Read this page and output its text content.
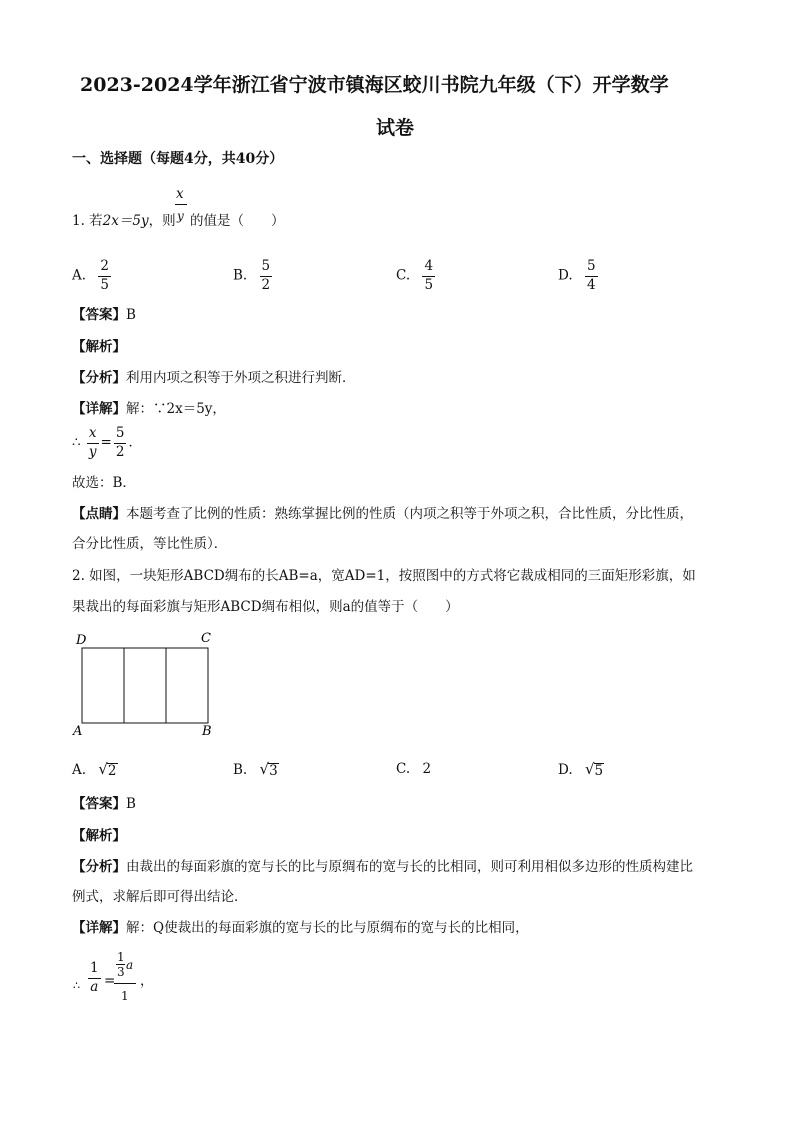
2023-2024学年浙江省宁波市镇海区蛟川书院九年级（下）开学数学
试卷
一、选择题（每题4分，共40分）
1. 若2x＝5y，则
x
y 的值是（　　）
A. $\frac{2}{5}$	B. $\frac{5}{2}$	C. $\frac{4}{5}$	D. $\frac{5}{4}$
【答案】B
【解析】
【分析】利用内项之积等于外项之积进行判断．
【详解】解：∵2x＝5y，
∴ $\frac{x}{y} = \frac{5}{2}$ ．
故选：B．
【点睛】本题考查了比例的性质：熟练掌握比例的性质（内项之积等于外项之积，合比性质，分比性质，
合分比性质，等比性质）．
2. 如图，一块矩形ABCD绸布的长AB=a，宽AD=1，按照图中的方式将它裁成相同的三面矩形彩旗，如
果裁出的每面彩旗与矩形ABCD绸布相似，则a的值等于（　　）
D	C
A	B
A. √ 2	B. √ 3	C. 2	D. √ 5
【答案】B
【解析】
【分析】由裁出的每面彩旗的宽与长的比与原绸布的宽与长的比相同，则可利用相似多边形的性质构建比
例式，求解后即可得出结论．
【详解】解：Q使裁出的每面彩旗的宽与长的比与原绸布的宽与长的比相同，
∴ $\frac{1}{a}$ =
1
3 a
1
，
